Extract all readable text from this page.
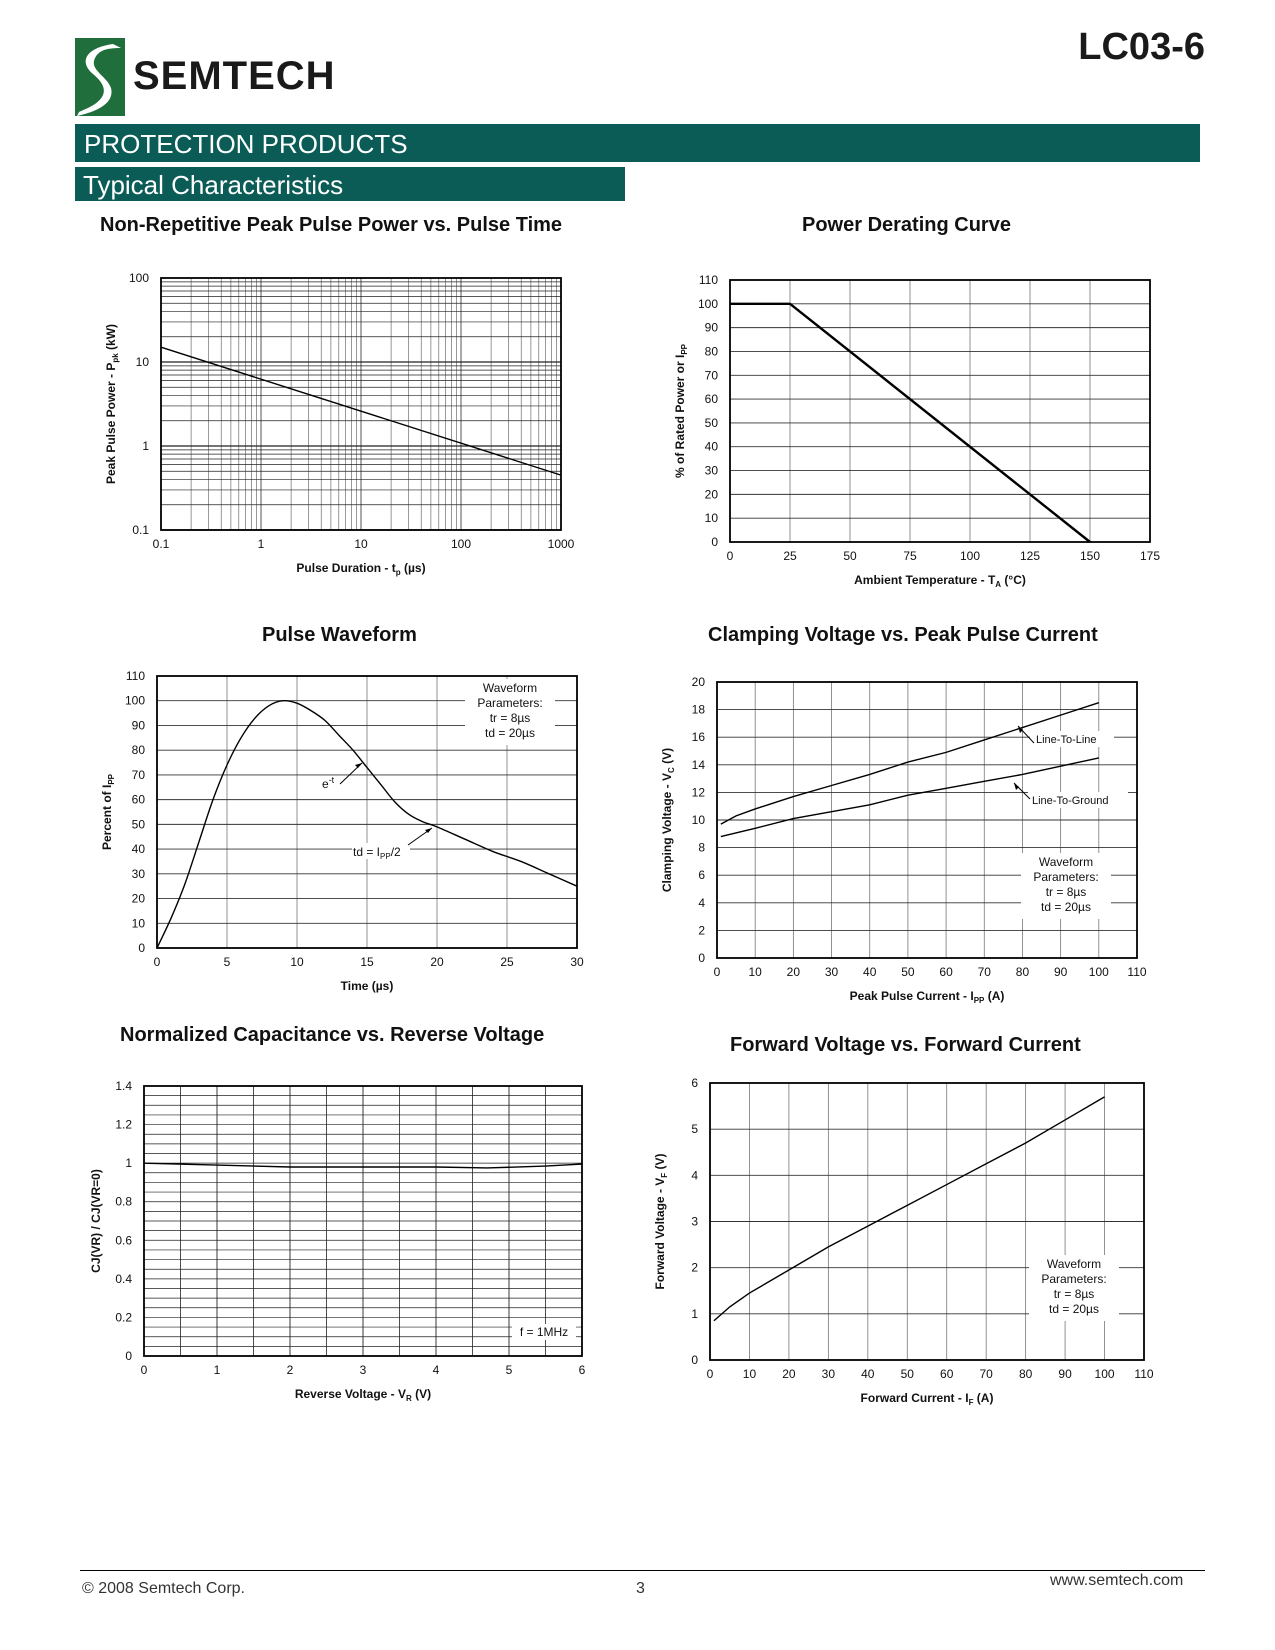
SEMTECH
LC03-6
PROTECTION PRODUCTS
Typical Characteristics
Non-Repetitive Peak Pulse Power vs. Pulse Time	Power Derating Curve
Pulse Waveform	Clamping Voltage vs. Peak Pulse Current
Normalized Capacitance vs. Reverse Voltage	Forward Voltage vs. Forward Current
0.1	1	10	100	1000
0.1
1
10
100
Pulse Duration - $t_p$ (µs)
Peak Pulse Power - $P_{pk}$ (kW)
0	25	50	75	100	125	150	175
0
10
20
30
40
50
60
70
80
90
100
110
Ambient Temperature - $T_A$ (°C)
% of Rated Power or $I_{PP}$
0	5	10	15	20	25	30
0
10
20
30
40
50
60
70
80
90
100
110
Time (µs)
Percent of $I_{PP}$
0 10 20 30 40 50 60 70 80 90 100 110
0
2
4
6
8
10
12
14
16
18
20
Peak Pulse Current - $I_{PP}$ (A)
Clamping Voltage - $V_C$ (V)
0	1	2	3	4	5	6
0
0.2
0.4
0.6
0.8
1
1.2
1.4
Reverse Voltage - $V_R$ (V)
CJ(VR) / CJ(VR=0)
0 10 20 30 40 50 60 70 80 90 100 110
0
1
2
3
4
5
6
Forward Current - $I_F$ (A)
Forward Voltage - $V_F$ (V)
Waveform
Parameters:
tr = 8µs
td = 20µs
Waveform
Parameters:
tr = 8µs
td = 20µs
Waveform
Parameters:
tr = 8µs
td = 20µs
f = 1MHz
$e^{-t}$
td = $I_{PP}/2$
Line-To-Line
Line-To-Ground
© 2008 Semtech Corp.	3	www.semtech.com
